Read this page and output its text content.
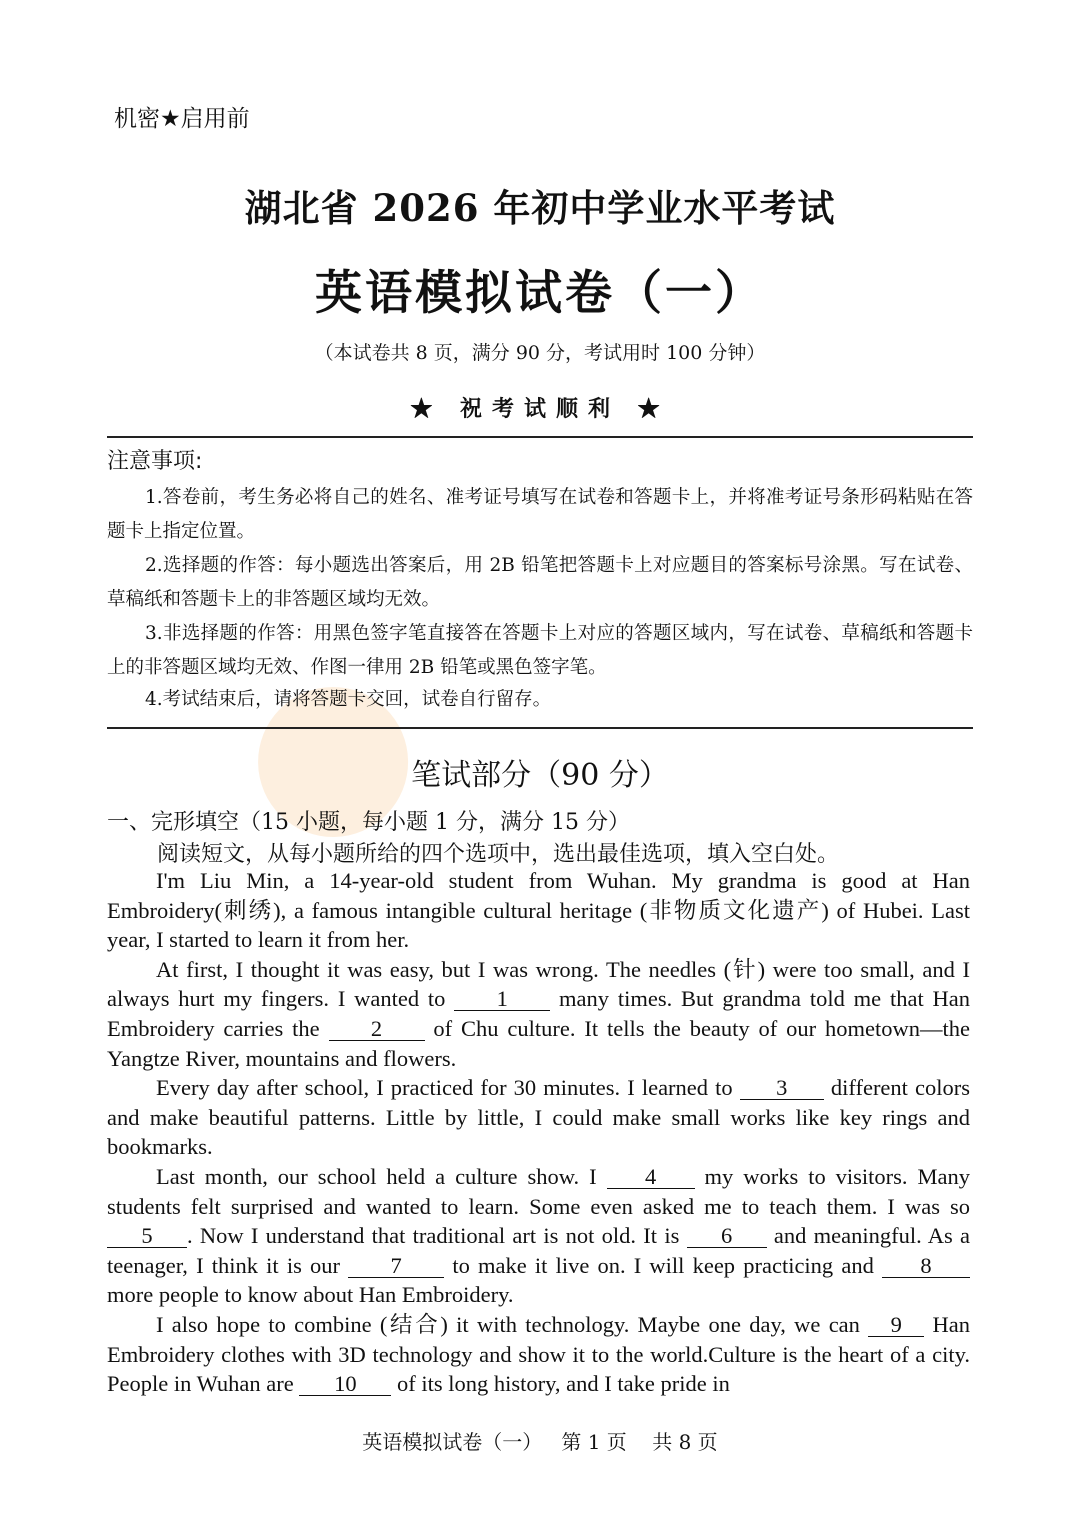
机密★启用前
湖北省 2026 年初中学业水平考试
英语模拟试卷（一）
（本试卷共 8 页，满分 90 分，考试用时 100 分钟）
★ 祝考试顺利 ★
注意事项:
1.答卷前，考生务必将自己的姓名、准考证号填写在试卷和答题卡上，并将准考证号条形码粘贴在答题卡上指定位置。
2.选择题的作答：每小题选出答案后，用 2B 铅笔把答题卡上对应题目的答案标号涂黑。写在试卷、草稿纸和答题卡上的非答题区域均无效。
3.非选择题的作答：用黑色签字笔直接答在答题卡上对应的答题区域内，写在试卷、草稿纸和答题卡上的非答题区域均无效、作图一律用 2B 铅笔或黑色签字笔。
4.考试结束后，请将答题卡交回，试卷自行留存。
笔试部分（90 分）
一、完形填空（15 小题，每小题 1 分，满分 15 分）
阅读短文，从每小题所给的四个选项中，选出最佳选项，填入空白处。

I'm Liu Min, a 14-year-old student from Wuhan. My grandma is good at Han Embroidery(刺绣), a famous intangible cultural heritage (非物质文化遗产) of Hubei. Last year, I started to learn it from her.

At first, I thought it was easy, but I was wrong. The needles (针) were too small, and I always hurt my fingers. I wanted to 1 many times. But grandma told me that Han Embroidery carries the 2 of Chu culture. It tells the beauty of our hometown—the Yangtze River, mountains and flowers.

Every day after school, I practiced for 30 minutes. I learned to 3 different colors and make beautiful patterns. Little by little, I could make small works like key rings and bookmarks.

Last month, our school held a culture show. I 4 my works to visitors. Many students felt surprised and wanted to learn. Some even asked me to teach them. I was so 5 . Now I understand that traditional art is not old. It is 6 and meaningful. As a teenager, I think it is our 7 to make it live on. I will keep practicing and 8 more people to know about Han Embroidery.

I also hope to combine (结合) it with technology. Maybe one day, we can 9 Han Embroidery clothes with 3D technology and show it to the world.Culture is the heart of a city. People in Wuhan are 10 of its long history, and I take pride in

英语模拟试卷（一）   第 1 页    共 8 页
